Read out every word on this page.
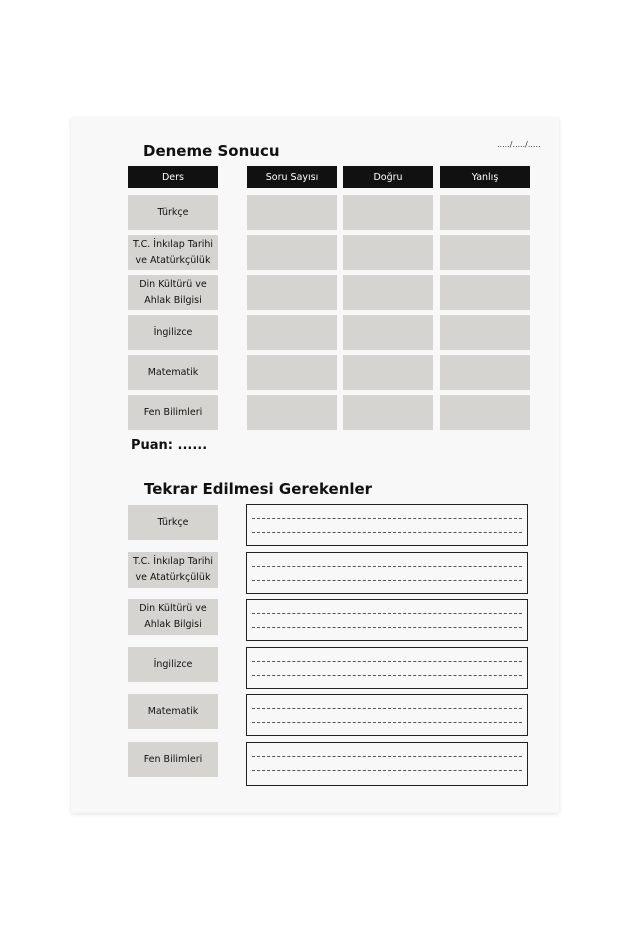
Deneme Sonucu	...../...../.....
Ders	Soru Sayısı	Doğru	Yanlış
Türkçe
T.C. İnkılap Tarihi ve Atatürkçülük
Din Kültürü ve Ahlak Bilgisi
İngilizce
Matematik
Fen Bilimleri
Puan: ......
Tekrar Edilmesi Gerekenler
Türkçe
T.C. İnkılap Tarihi ve Atatürkçülük
Din Kültürü ve Ahlak Bilgisi
İngilizce
Matematik
Fen Bilimleri
